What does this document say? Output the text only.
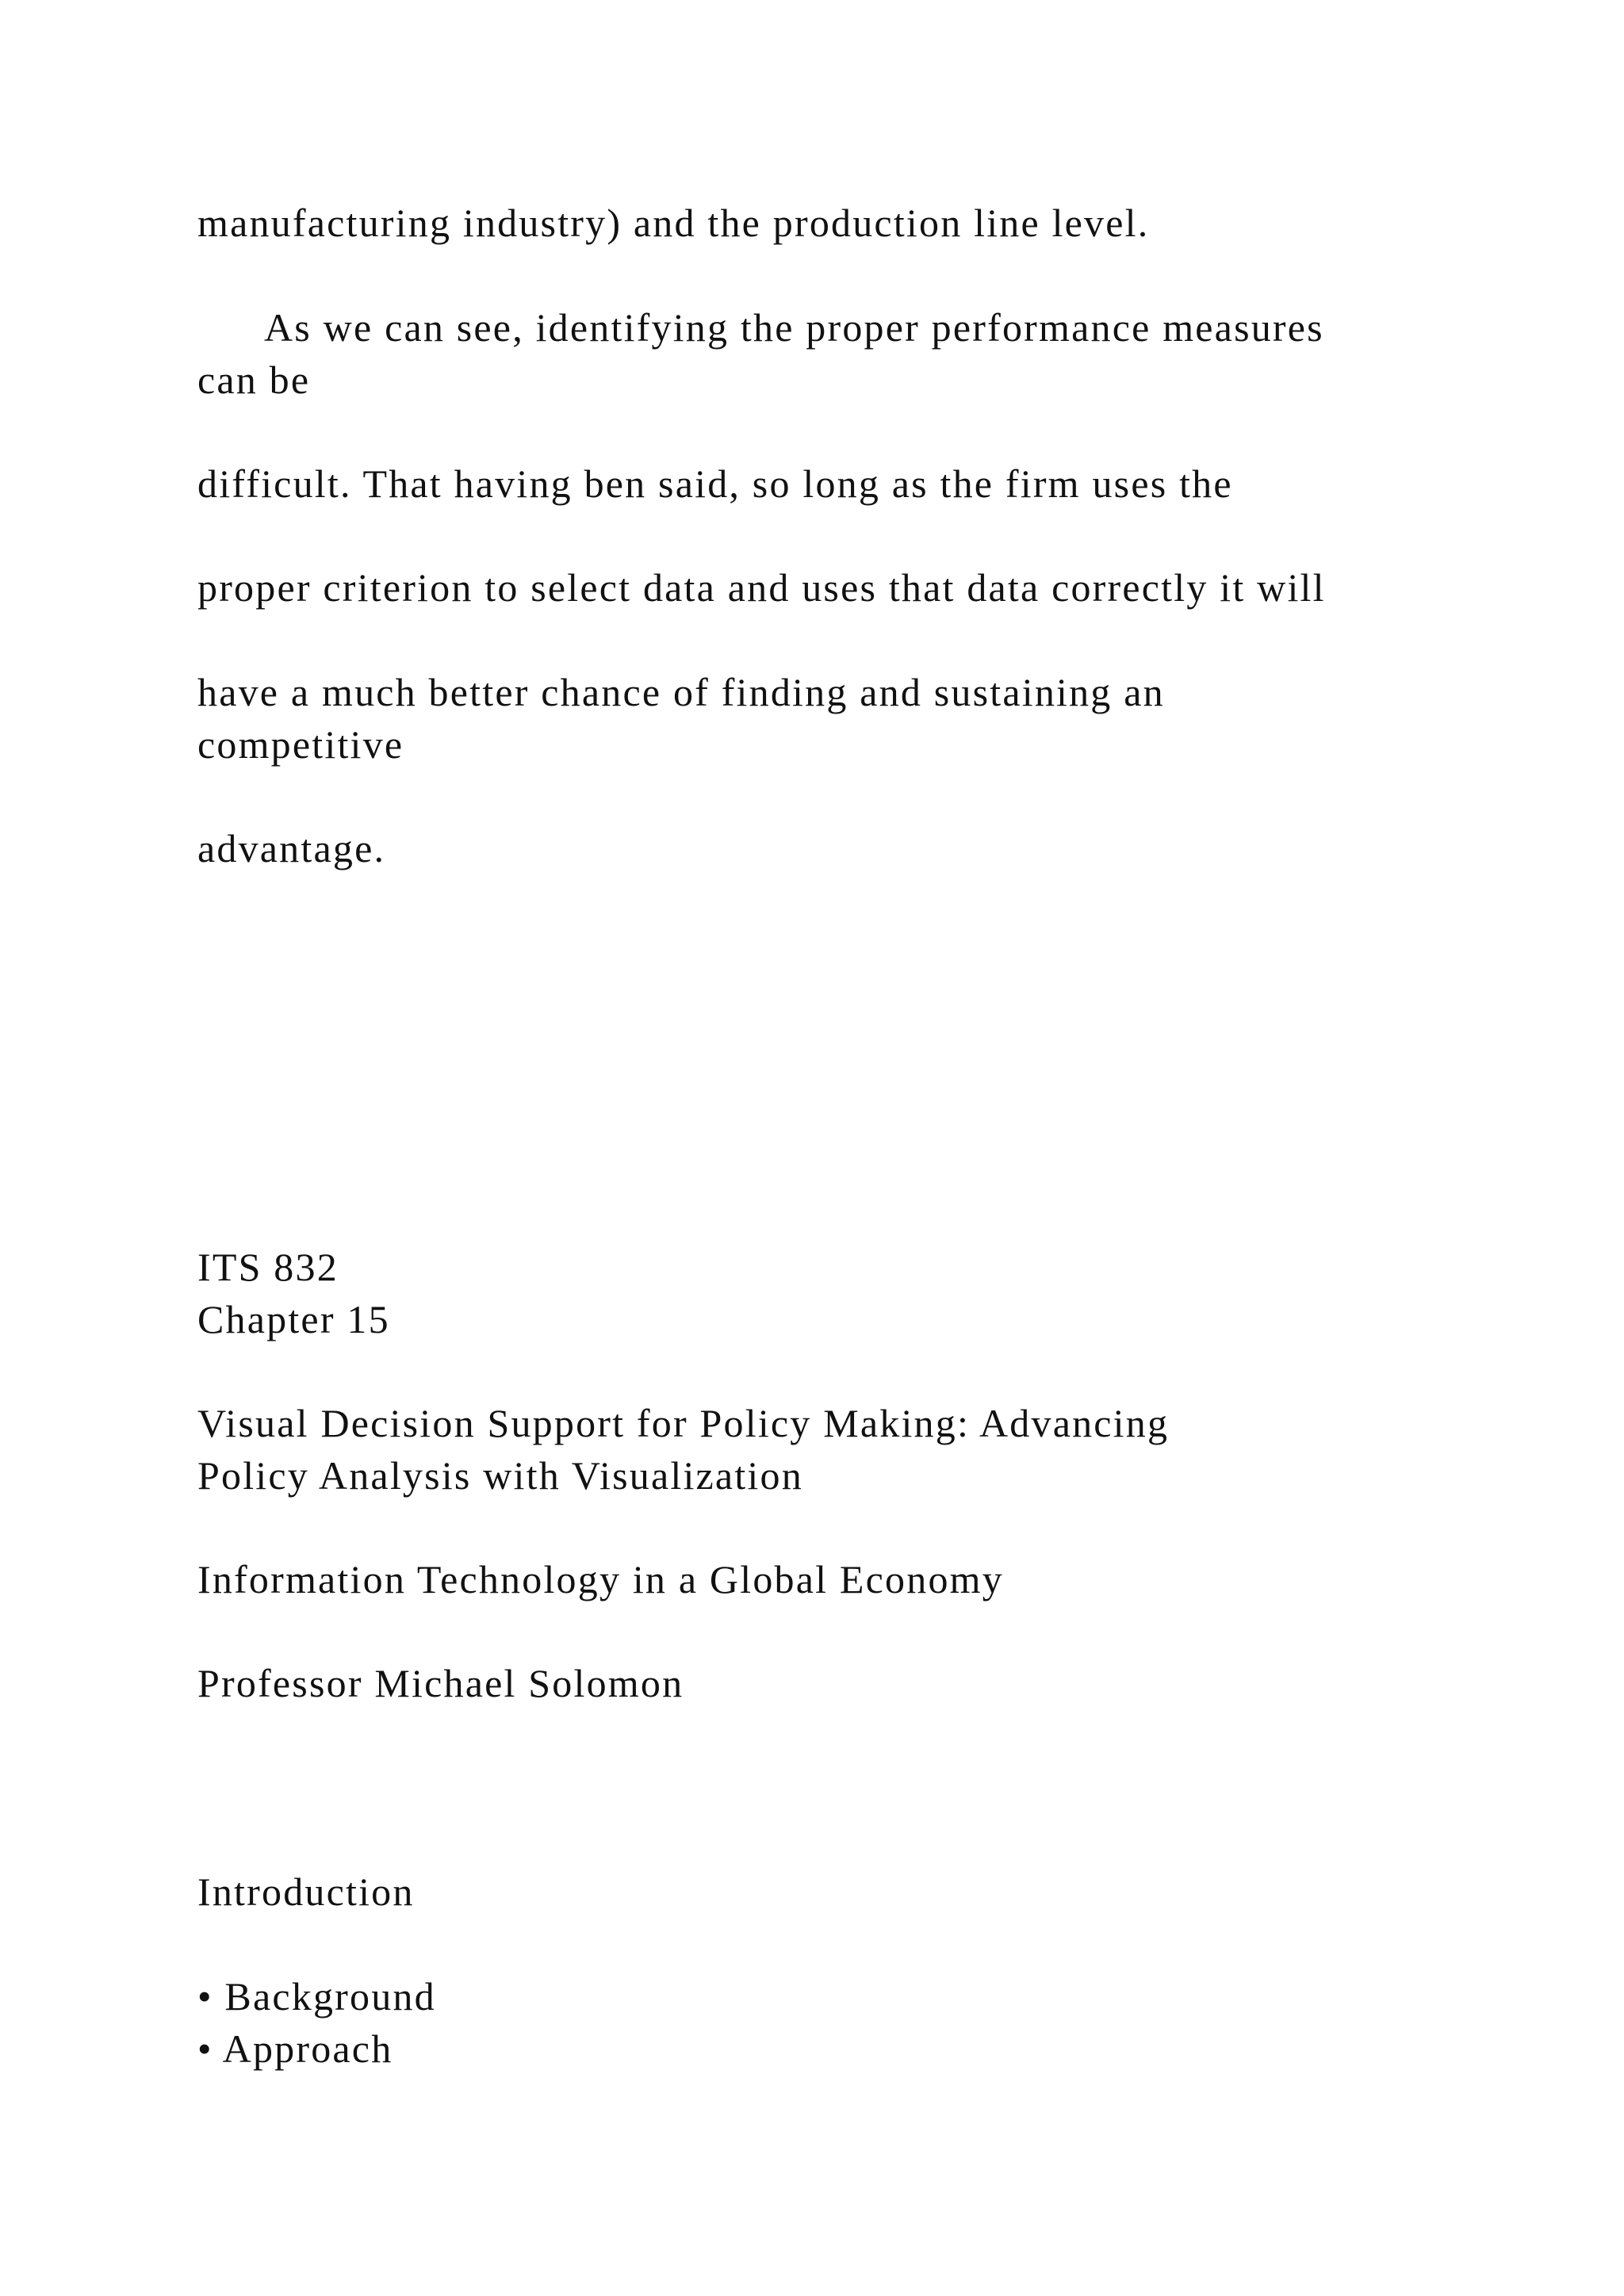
manufacturing industry) and the production line level.

As we can see, identifying the proper performance measures

can be

difficult. That having ben said, so long as the firm uses the

proper criterion to select data and uses that data correctly it will

have a much better chance of finding and sustaining an

competitive

advantage.

ITS 832

Chapter 15

Visual Decision Support for Policy Making: Advancing

Policy Analysis with Visualization

Information Technology in a Global Economy

Professor Michael Solomon

Introduction

• Background

• Approach
